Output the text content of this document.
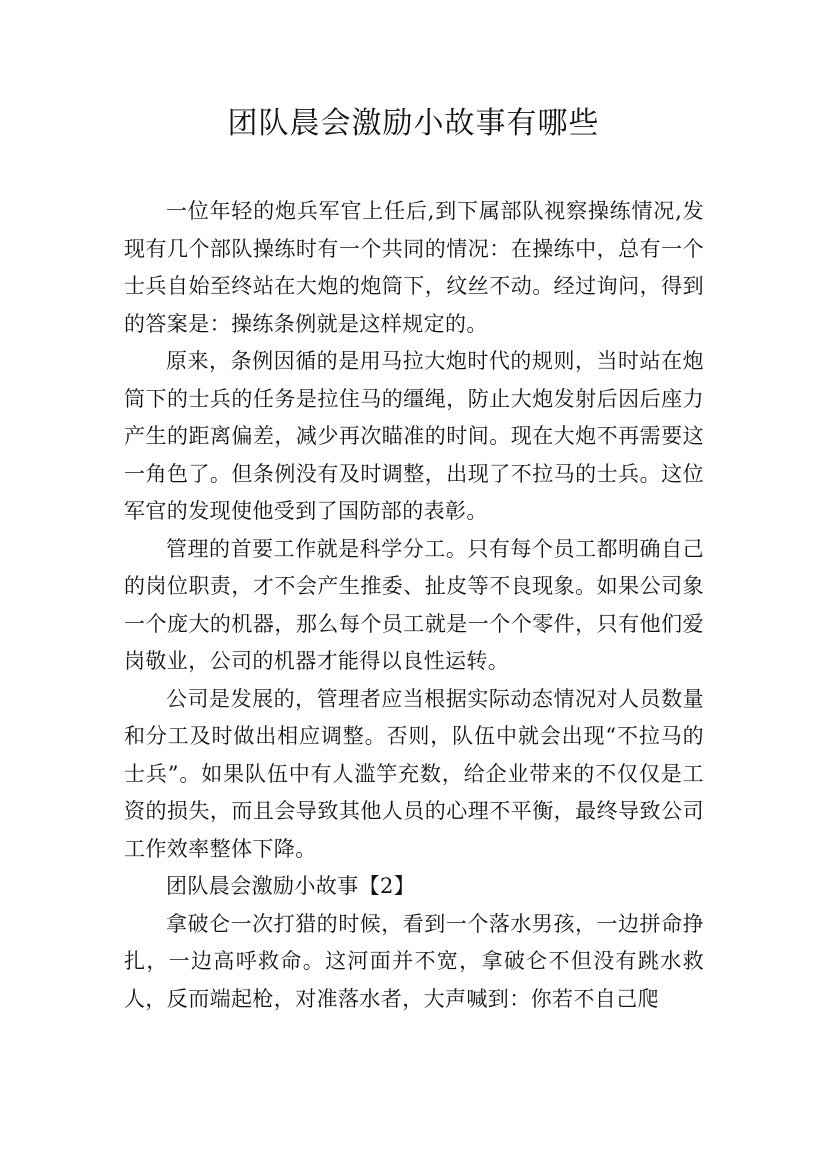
团队晨会激励小故事有哪些

一位年轻的炮兵军官上任后,到下属部队视察操练情况,发现有几个部队操练时有一个共同的情况：在操练中，总有一个士兵自始至终站在大炮的炮筒下，纹丝不动。经过询问，得到的答案是：操练条例就是这样规定的。

原来，条例因循的是用马拉大炮时代的规则，当时站在炮筒下的士兵的任务是拉住马的缰绳，防止大炮发射后因后座力产生的距离偏差，减少再次瞄准的时间。现在大炮不再需要这一角色了。但条例没有及时调整，出现了不拉马的士兵。这位军官的发现使他受到了国防部的表彰。

管理的首要工作就是科学分工。只有每个员工都明确自己的岗位职责，才不会产生推委、扯皮等不良现象。如果公司象一个庞大的机器，那么每个员工就是一个个零件，只有他们爱岗敬业，公司的机器才能得以良性运转。

公司是发展的，管理者应当根据实际动态情况对人员数量和分工及时做出相应调整。否则，队伍中就会出现“不拉马的士兵”。如果队伍中有人滥竽充数，给企业带来的不仅仅是工资的损失，而且会导致其他人员的心理不平衡，最终导致公司工作效率整体下降。

团队晨会激励小故事【2】

拿破仑一次打猎的时候，看到一个落水男孩，一边拼命挣扎，一边高呼救命。这河面并不宽，拿破仑不但没有跳水救人，反而端起枪，对准落水者，大声喊到：你若不自己爬
